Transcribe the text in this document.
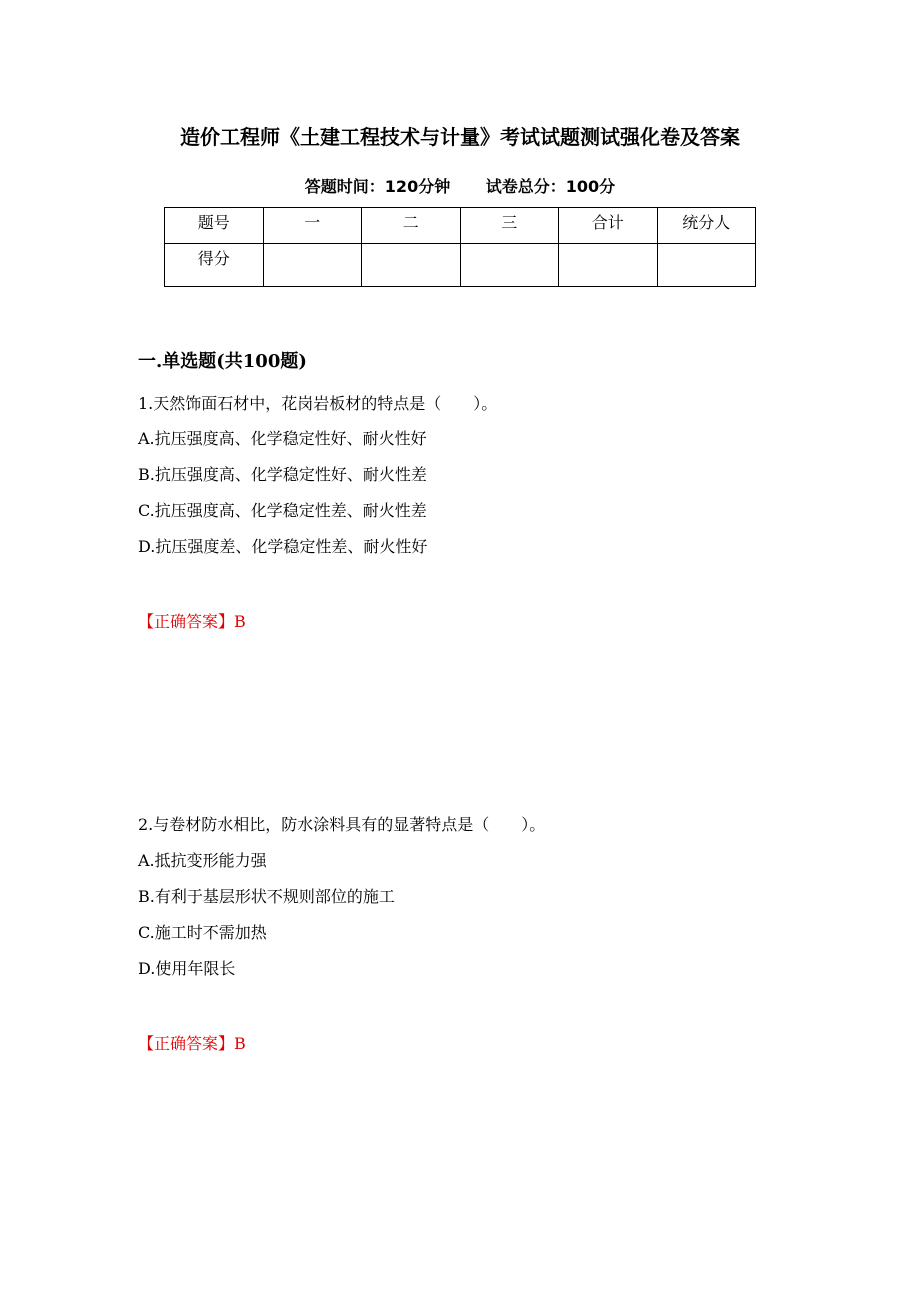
造价工程师《土建工程技术与计量》考试试题测试强化卷及答案
答题时间：120分钟 试卷总分：100分
题号	一	二	三	合计	统分人
得分					
一.单选题(共100题)
1.天然饰面石材中，花岗岩板材的特点是（　　）。
A.抗压强度高、化学稳定性好、耐火性好
B.抗压强度高、化学稳定性好、耐火性差
C.抗压强度高、化学稳定性差、耐火性差
D.抗压强度差、化学稳定性差、耐火性好
【正确答案】B
2.与卷材防水相比，防水涂料具有的显著特点是（　　）。
A.抵抗变形能力强
B.有利于基层形状不规则部位的施工
C.施工时不需加热
D.使用年限长
【正确答案】B
